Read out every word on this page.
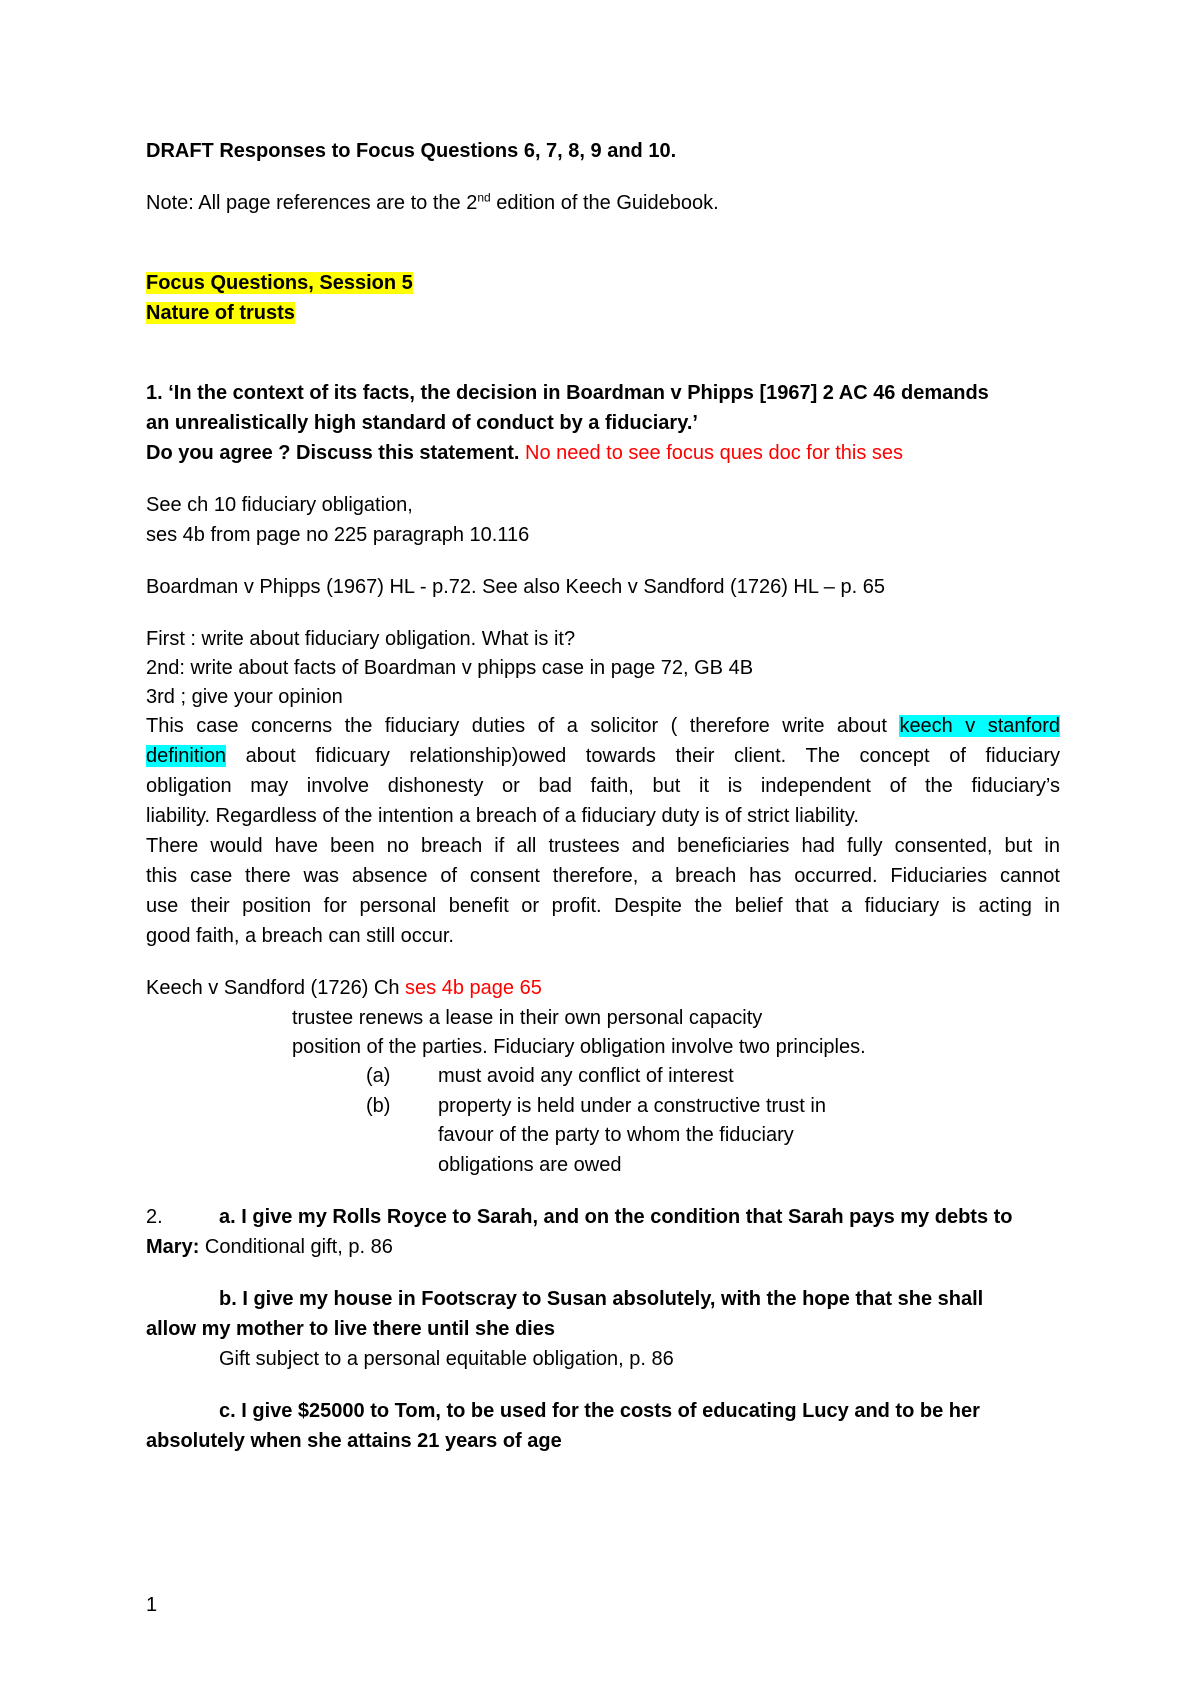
DRAFT Responses to Focus Questions 6, 7, 8, 9 and 10.
Note: All page references are to the 2nd edition of the Guidebook.
Focus Questions, Session 5
Nature of trusts
1. ‘In the context of its facts, the decision in Boardman v Phipps [1967] 2 AC 46 demands
an unrealistically high standard of conduct by a fiduciary.’
Do you agree ? Discuss this statement. No need to see focus ques doc for this ses
See ch 10 fiduciary obligation,
ses 4b from page no 225 paragraph 10.116
Boardman v Phipps (1967) HL - p.72. See also Keech v Sandford (1726) HL – p. 65
First : write about fiduciary obligation. What is it?
2nd: write about facts of Boardman v phipps case in page 72, GB 4B
3rd ; give your opinion
This case concerns the fiduciary duties of a solicitor ( therefore write about keech v stanford
definition about fidicuary relationship)owed towards their client. The concept of fiduciary
obligation may involve dishonesty or bad faith, but it is independent of the fiduciary’s
liability. Regardless of the intention a breach of a fiduciary duty is of strict liability.
There would have been no breach if all trustees and beneficiaries had fully consented, but in
this case there was absence of consent therefore, a breach has occurred. Fiduciaries cannot
use their position for personal benefit or profit. Despite the belief that a fiduciary is acting in
good faith, a breach can still occur.
Keech v Sandford (1726) Ch ses 4b page 65
trustee renews a lease in their own personal capacity
position of the parties. Fiduciary obligation involve two principles.
(a) must avoid any conflict of interest
(b) property is held under a constructive trust in
favour of the party to whom the fiduciary
obligations are owed
2.	a. I give my Rolls Royce to Sarah, and on the condition that Sarah pays my debts to
Mary: Conditional gift, p. 86
b. I give my house in Footscray to Susan absolutely, with the hope that she shall
allow my mother to live there until she dies
Gift subject to a personal equitable obligation, p. 86
c. I give $25000 to Tom, to be used for the costs of educating Lucy and to be her
absolutely when she attains 21 years of age
1
